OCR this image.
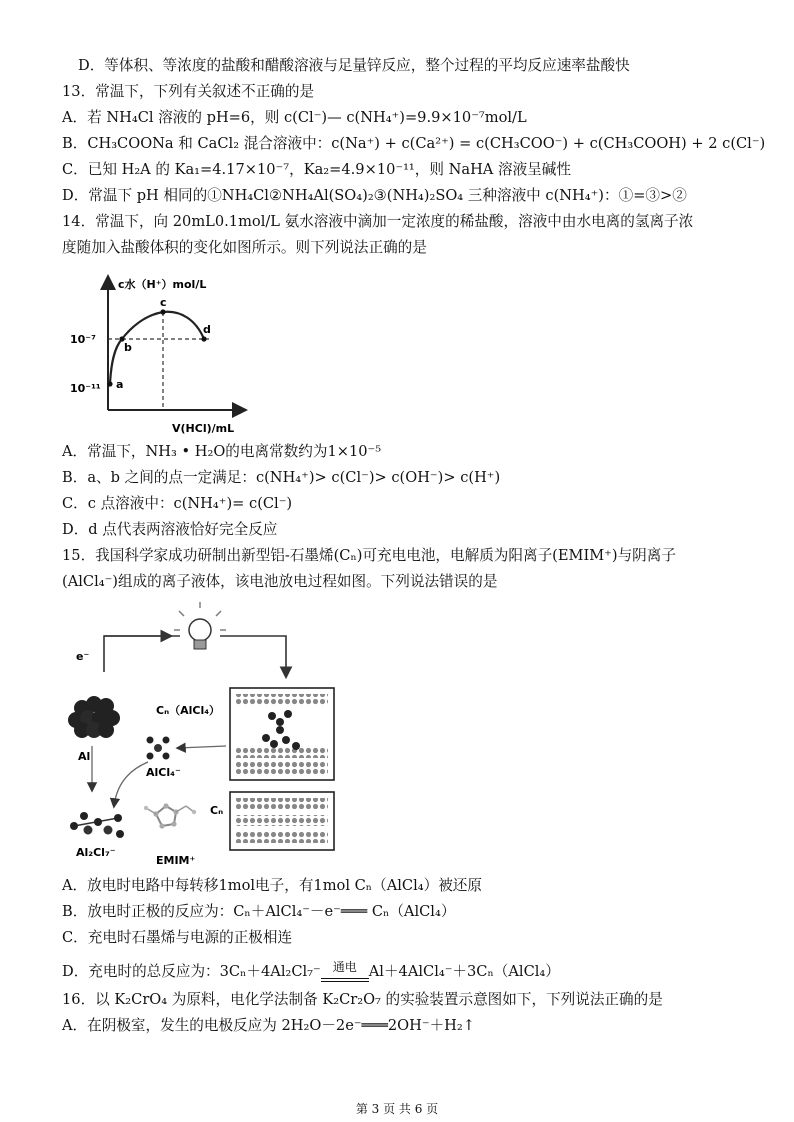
D．等体积、等浓度的盐酸和醋酸溶液与足量锌反应，整个过程的平均反应速率盐酸快
13．常温下，下列有关叙述不正确的是
A．若 NH₄Cl 溶液的 pH=6，则 c(Cl⁻)— c(NH₄⁺)=9.9×10⁻⁷mol/L
B．CH₃COONa 和 CaCl₂ 混合溶液中：c(Na⁺) + c(Ca²⁺) = c(CH₃COO⁻) + c(CH₃COOH) + 2 c(Cl⁻)
C．已知 H₂A 的 Ka₁=4.17×10⁻⁷，Ka₂=4.9×10⁻¹¹，则 NaHA 溶液呈碱性
D．常温下 pH 相同的①NH₄Cl②NH₄Al(SO₄)₂③(NH₄)₂SO₄ 三种溶液中 c(NH₄⁺)：①=③>②
14．常温下，向 20mL0.1mol/L 氨水溶液中滴加一定浓度的稀盐酸，溶液中由水电离的氢离子浓
度随加入盐酸体积的变化如图所示。则下列说法正确的是
c水（H⁺）mol/L
10⁻⁷
10⁻¹¹ a
b
c
d
V(HCl)/mL
A．常温下，NH₃ • H₂O的电离常数约为1×10⁻⁵
B．a、b 之间的点一定满足：c(NH₄⁺)> c(Cl⁻)> c(OH⁻)> c(H⁺)
C．c 点溶液中：c(NH₄⁺)= c(Cl⁻)
D．d 点代表两溶液恰好完全反应
15．我国科学家成功研制出新型铝-石墨烯(Cₙ)可充电电池，电解质为阳离子(EMIM⁺)与阴离子
(AlCl₄⁻)组成的离子液体，该电池放电过程如图。下列说法错误的是
e⁻
Cₙ（AlCl₄）
Cₙ
Al
AlCl₄⁻
Al₂Cl₇⁻
EMIM⁺
A．放电时电路中每转移1mol电子，有1mol Cₙ（AlCl₄）被还原
B．放电时正极的反应为：Cₙ＋AlCl₄⁻－e⁻═══ Cₙ（AlCl₄）
C．充电时石墨烯与电源的正极相连
D．充电时的总反应为：3Cₙ＋4Al₂Cl₇⁻ 通电 Al＋4AlCl₄⁻＋3Cₙ（AlCl₄）
16．以 K₂CrO₄ 为原料，电化学法制备 K₂Cr₂O₇ 的实验装置示意图如下，下列说法正确的是
A．在阴极室，发生的电极反应为 2H₂O－2e⁻═══2OH⁻＋H₂↑
第 3 页 共 6 页
